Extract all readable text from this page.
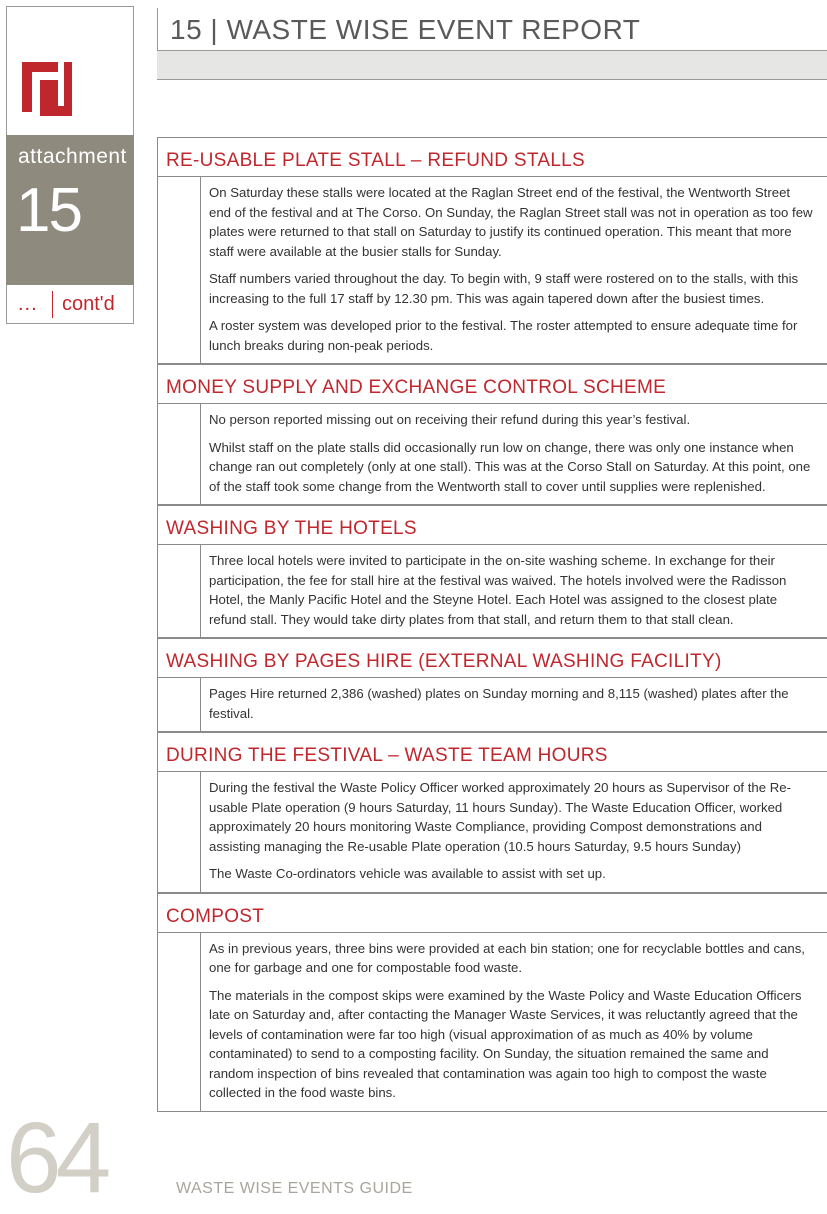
attachment
15
... cont'd
15 | WASTE WISE EVENT REPORT
RE-USABLE PLATE STALL – REFUND STALLS

On Saturday these stalls were located at the Raglan Street end of the festival, the Wentworth Street end of the festival and at The Corso. On Sunday, the Raglan Street stall was not in operation as too few plates were returned to that stall on Saturday to justify its continued operation. This meant that more staff were available at the busier stalls for Sunday.

Staff numbers varied throughout the day. To begin with, 9 staff were rostered on to the stalls, with this increasing to the full 17 staff by 12.30 pm. This was again tapered down after the busiest times.

A roster system was developed prior to the festival. The roster attempted to ensure adequate time for lunch breaks during non-peak periods.

MONEY SUPPLY AND EXCHANGE CONTROL SCHEME

No person reported missing out on receiving their refund during this year’s festival.

Whilst staff on the plate stalls did occasionally run low on change, there was only one instance when change ran out completely (only at one stall). This was at the Corso Stall on Saturday. At this point, one of the staff took some change from the Wentworth stall to cover until supplies were replenished.

WASHING BY THE HOTELS

Three local hotels were invited to participate in the on-site washing scheme. In exchange for their participation, the fee for stall hire at the festival was waived. The hotels involved were the Radisson Hotel, the Manly Pacific Hotel and the Steyne Hotel. Each Hotel was assigned to the closest plate refund stall. They would take dirty plates from that stall, and return them to that stall clean.

WASHING BY PAGES HIRE (EXTERNAL WASHING FACILITY)

Pages Hire returned 2,386 (washed) plates on Sunday morning and 8,115 (washed) plates after the festival.

DURING THE FESTIVAL – WASTE TEAM HOURS

During the festival the Waste Policy Officer worked approximately 20 hours as Supervisor of the Re-usable Plate operation (9 hours Saturday, 11 hours Sunday). The Waste Education Officer, worked approximately 20 hours monitoring Waste Compliance, providing Compost demonstrations and assisting managing the Re-usable Plate operation (10.5 hours Saturday, 9.5 hours Sunday)

The Waste Co-ordinators vehicle was available to assist with set up.

COMPOST

As in previous years, three bins were provided at each bin station; one for recyclable bottles and cans, one for garbage and one for compostable food waste.

The materials in the compost skips were examined by the Waste Policy and Waste Education Officers late on Saturday and, after contacting the Manager Waste Services, it was reluctantly agreed that the levels of contamination were far too high (visual approximation of as much as 40% by volume contaminated) to send to a composting facility. On Sunday, the situation remained the same and random inspection of bins revealed that contamination was again too high to compost the waste collected in the food waste bins.

64	WASTE WISE EVENTS GUIDE
